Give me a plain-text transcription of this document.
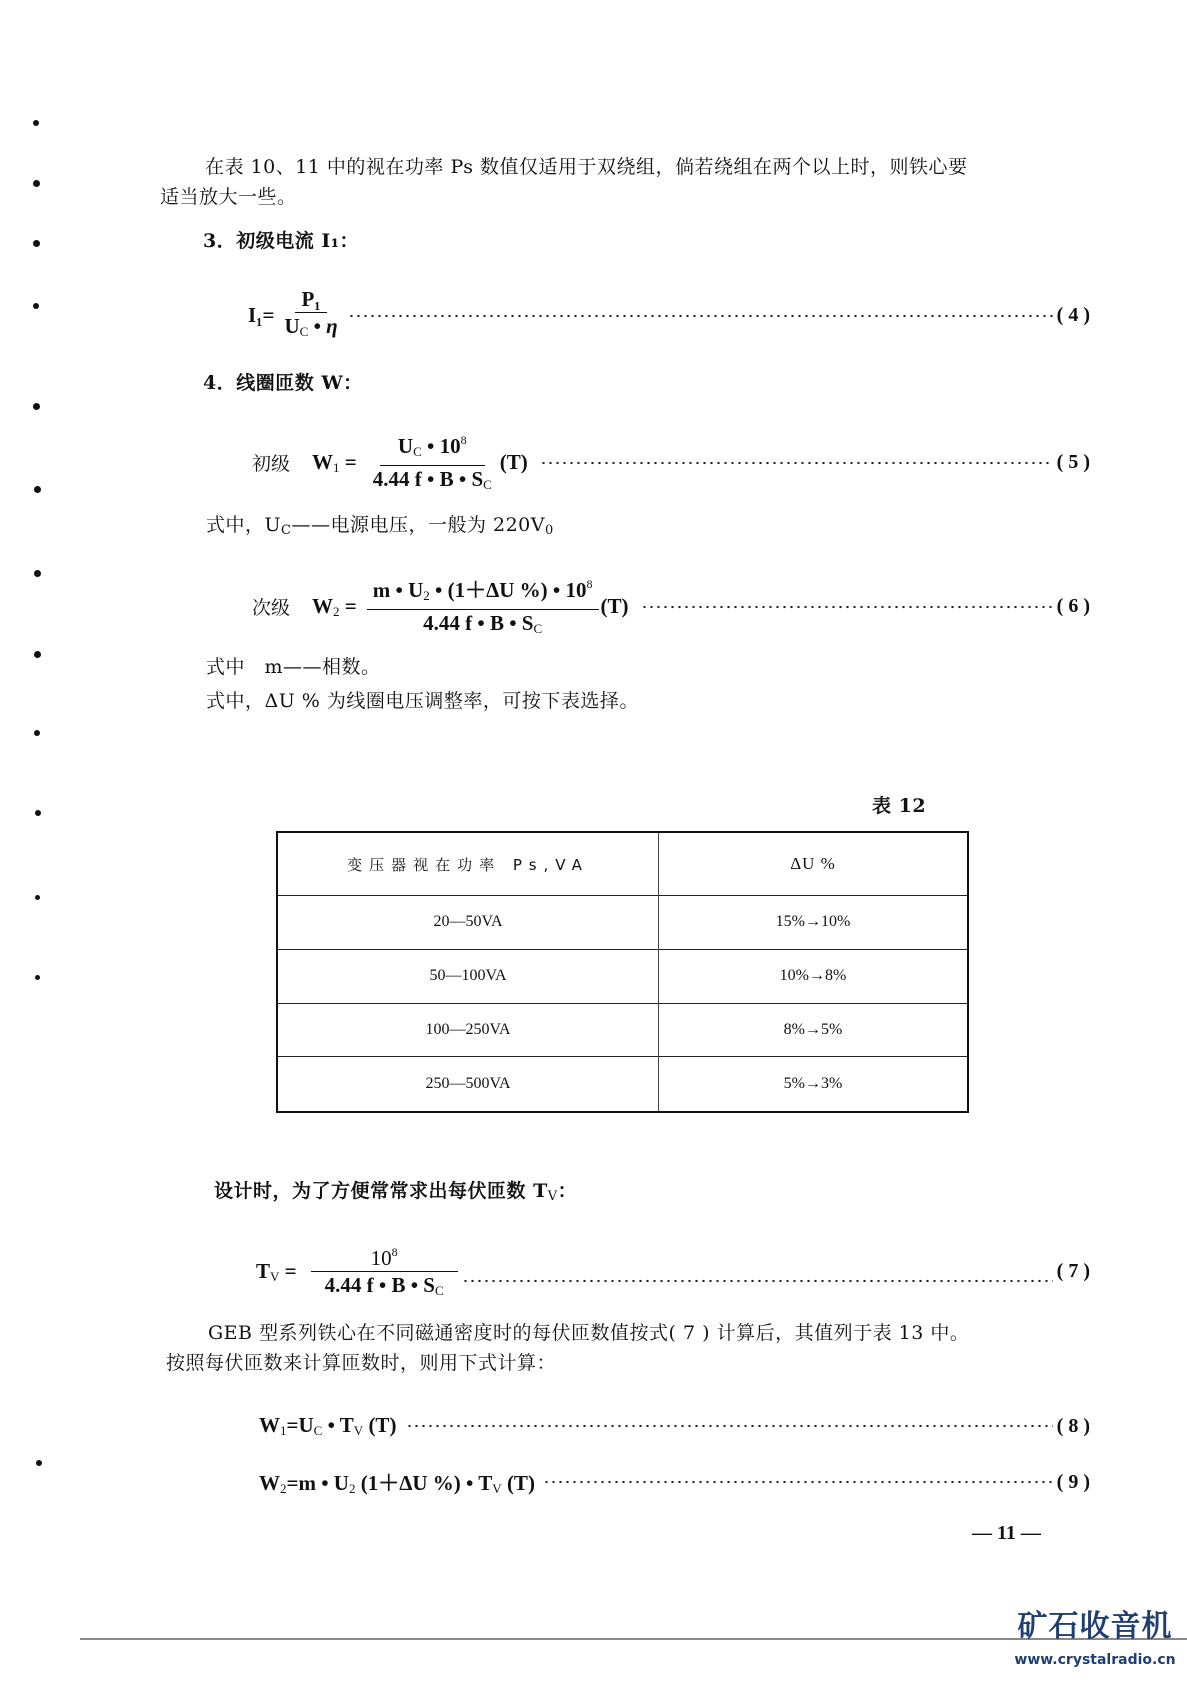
在表 10、11 中的视在功率 Ps 数值仅适用于双绕组，倘若绕组在两个以上时，则铁心要
适当放大一些。
3．初级电流 I₁：
$I_1= \frac{\text{P₁}}{U_C • \eta}$	( 4 )
4．线圈匝数 W：
初级 $W_1 = \frac{U_C • 10^8}{4.44 f • B • S_C} (T)$	( 5 )
式中，$U_C——$电源电压，一般为 $220V_0$
次级 $W_2 = \frac{m • U_2 • (1+\Delta U \%) • 10^8}{4.44 f • B • S_C} (T)$	( 6 )
式中　m——相数。
式中，ΔU % 为线圈电压调整率，可按下表选择。
表 12
变压器视在功率 Ps,VA	ΔU %
20—50VA	15%→10%
50—100VA	10%→8%
100—250VA	8%→5%
250—500VA	5%→3%
设计时，为了方便常常求出每伏匝数 $T_V$：
$T_V = \frac{10^8}{4.44 f • B • S_C}$	( 7 )
GEB 型系列铁心在不同磁通密度时的每伏匝数值按式( 7 ) 计算后，其值列于表 13 中。
按照每伏匝数来计算匝数时，则用下式计算：
$W_1=U_C$ • $T_V$ (T)	( 8 )
$W_2=m$ • $U_2$ (1＋ΔU %) • $T_V$ (T)	( 9 )
— 11 —
矿石收音机
www.crystalradio.cn
